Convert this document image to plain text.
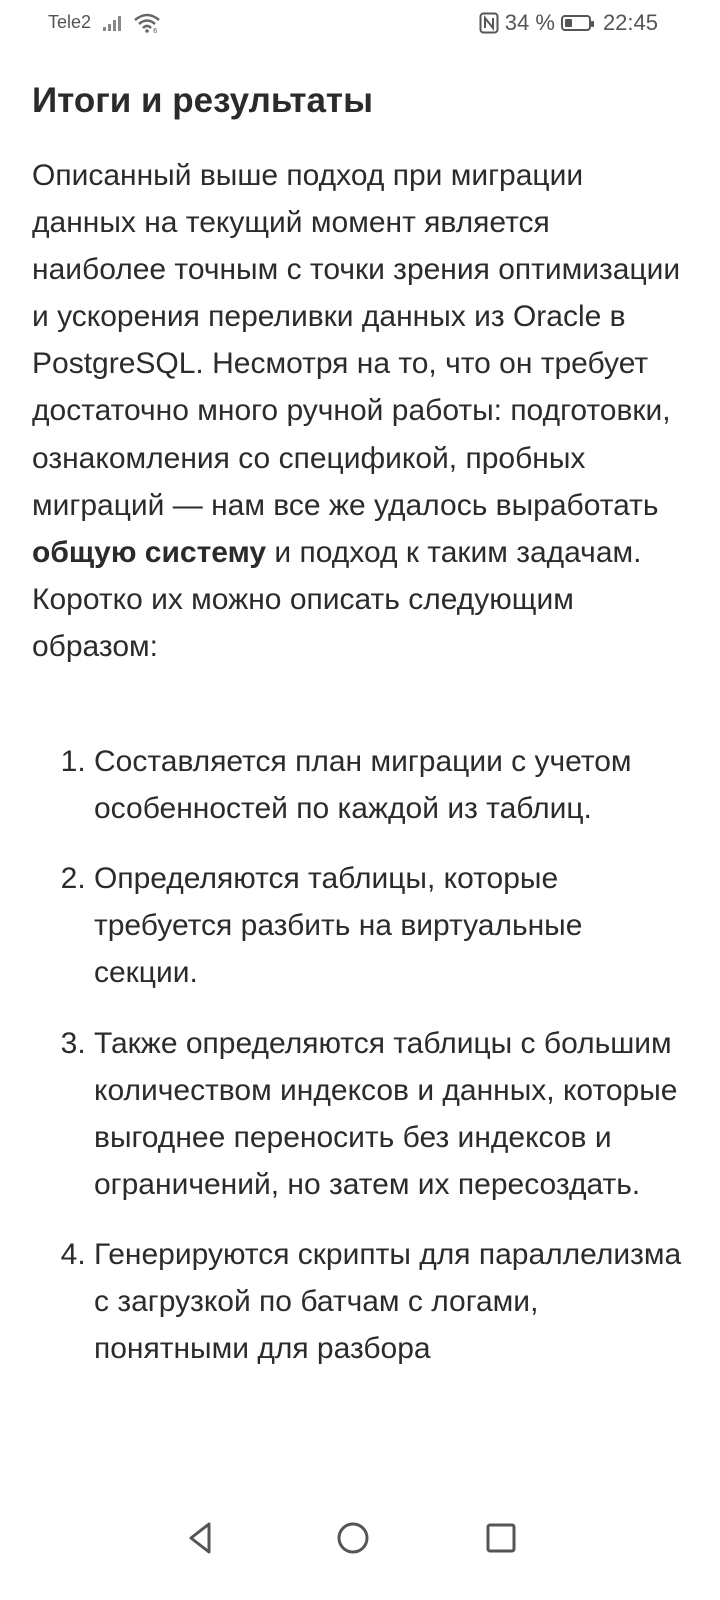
Tele2	6	34 % 22:45
Итоги и результаты

Описанный выше подход при миграции данных на текущий момент является наиболее точным с точки зрения оптимизации и ускорения переливки данных из Oracle в PostgreSQL. Несмотря на то, что он требует достаточно много ручной работы: подготовки, ознакомления со спецификой, пробных миграций — нам все же удалось выработать общую систему и подход к таким задачам. Коротко их можно описать следующим образом:

1. Составляется план миграции с учетом особенностей по каждой из таблиц.
2. Определяются таблицы, которые требуется разбить на виртуальные секции.
3. Также определяются таблицы с большим количеством индексов и данных, которые выгоднее переносить без индексов и ограничений, но затем их пересоздать.
4. Генерируются скрипты для параллелизма с загрузкой по батчам с логами, понятными для разбора
